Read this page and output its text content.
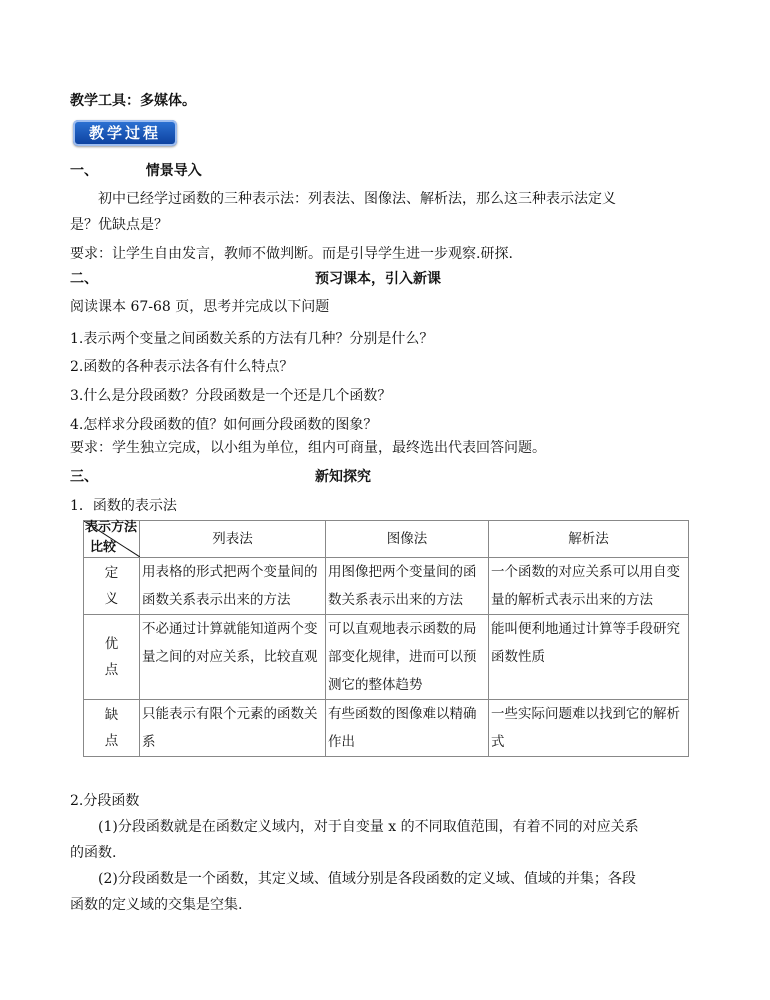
教学工具：多媒体。
教学过程
一、	情景导入
初中已经学过函数的三种表示法：列表法、图像法、解析法，那么这三种表示法定义
是？优缺点是？
要求：让学生自由发言，教师不做判断。而是引导学生进一步观察.研探.
二、	预习课本，引入新课
阅读课本 67-68 页，思考并完成以下问题
1.表示两个变量之间函数关系的方法有几种？分别是什么？
2.函数的各种表示法各有什么特点？
3.什么是分段函数？分段函数是一个还是几个函数？
4.怎样求分段函数的值？如何画分段函数的图象？
要求：学生独立完成，以小组为单位，组内可商量，最终选出代表回答问题。
三、	新知探究
1．函数的表示法
表示方法
比较	列表法	图像法	解析法
定
义	用表格的形式把两个变量间的函数关系表示出来的方法	用图像把两个变量间的函数关系表示出来的方法	一个函数的对应关系可以用自变量的解析式表示出来的方法
优
点	不必通过计算就能知道两个变量之间的对应关系，比较直观	可以直观地表示函数的局部变化规律，进而可以预测它的整体趋势	能叫便利地通过计算等手段研究函数性质
缺
点	只能表示有限个元素的函数关系	有些函数的图像难以精确作出	一些实际问题难以找到它的解析式
2.分段函数
(1)分段函数就是在函数定义域内，对于自变量 x 的不同取值范围，有着不同的对应关系
的函数.
(2)分段函数是一个函数，其定义域、值域分别是各段函数的定义域、值域的并集；各段
函数的定义域的交集是空集.
